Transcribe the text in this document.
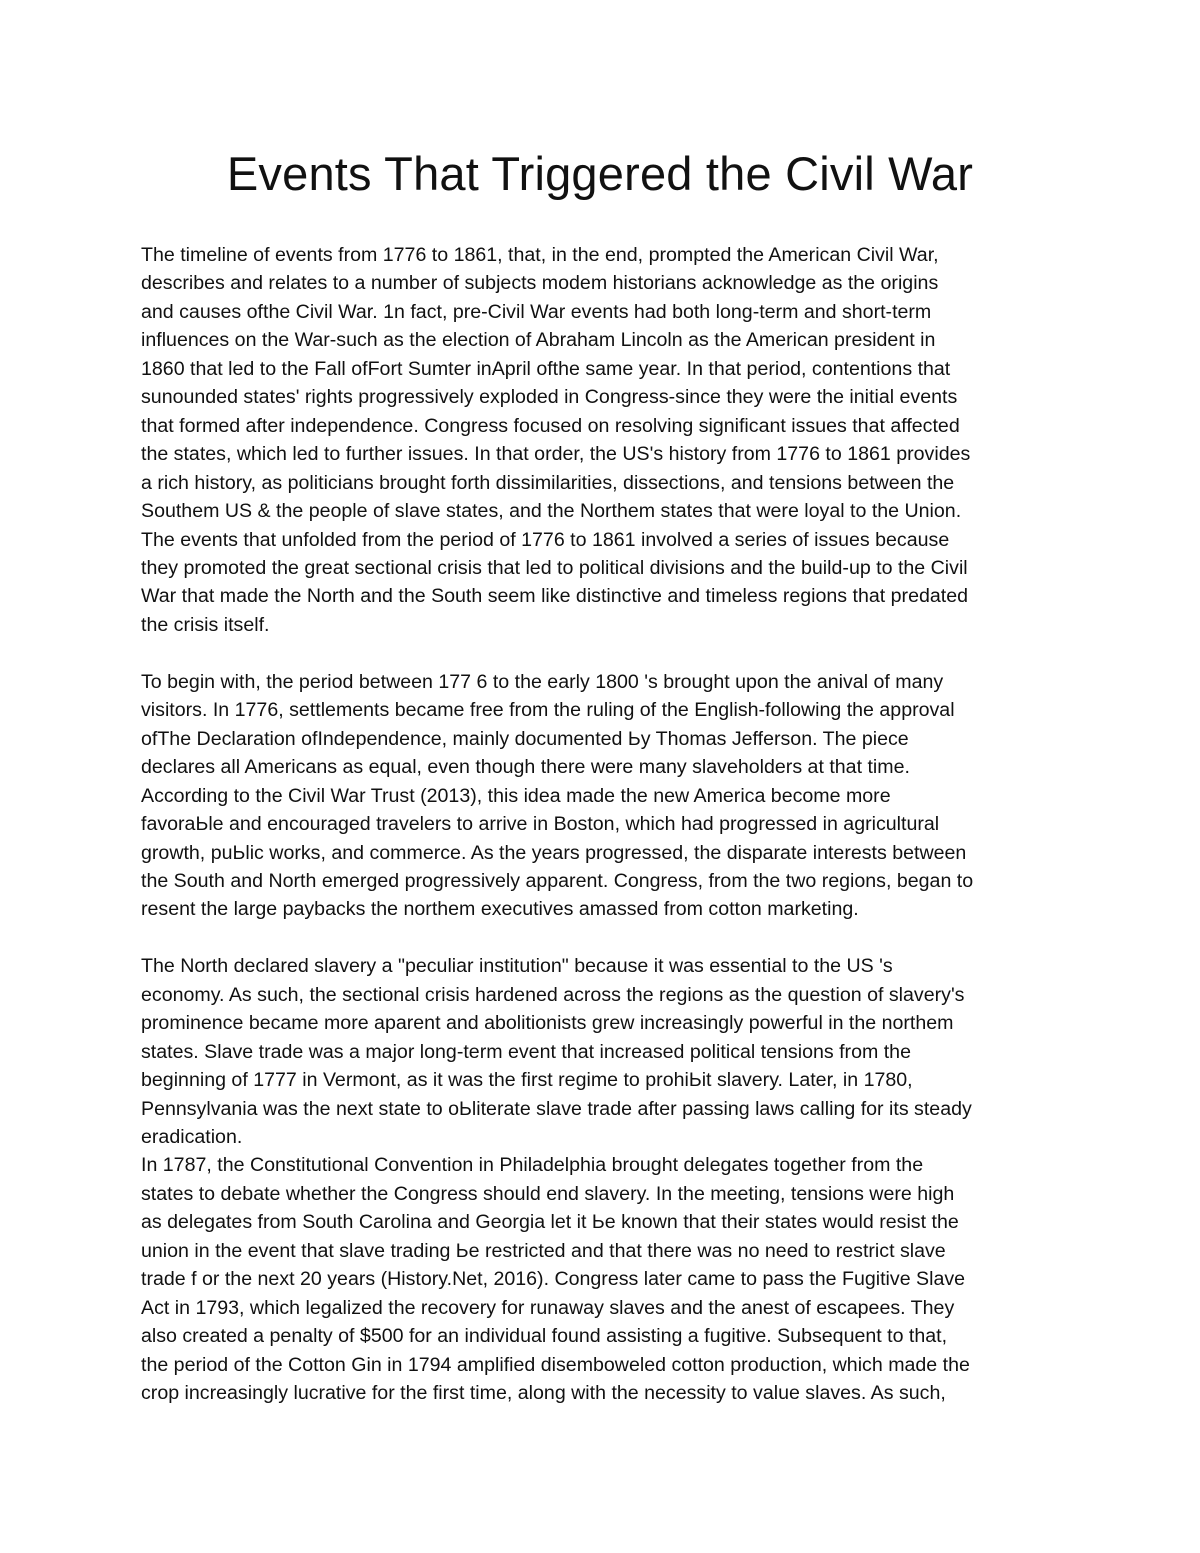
Events That Triggered the Civil War

The timeline of events from 1776 to 1861, that, in the end, prompted the American Civil War,
describes and relates to a number of subjects modem historians acknowledge as the origins
and causes ofthe Civil War. 1n fact, pre-Civil War events had both long-term and short-term
influences on the War-such as the election of Abraham Lincoln as the American president in
1860 that led to the Fall ofFort Sumter inApril ofthe same year. In that period, contentions that
sunounded states' rights progressively exploded in Congress-since they were the initial events
that formed after independence. Congress focused on resolving significant issues that affected
the states, which led to further issues. In that order, the US's history from 1776 to 1861 provides
a rich history, as politicians brought forth dissimilarities, dissections, and tensions between the
Southem US & the people of slave states, and the Northem states that were loyal to the Union.
The events that unfolded from the period of 1776 to 1861 involved a series of issues because
they promoted the great sectional crisis that led to political divisions and the build-up to the Civil
War that made the North and the South seem like distinctive and timeless regions that predated
the crisis itself.

To begin with, the period between 177 6 to the early 1800 's brought upon the anival of many
visitors. In 1776, settlements became free from the ruling of the English-following the approval
ofThe Declaration ofIndependence, mainly documented Ьy Thomas Jefferson. The piece
declares all Americans as equal, even though there were many slaveholders at that time.
According to the Civil War Trust (2013), this idea made the new America become more
favoraЬle and encouraged travelers to arrive in Boston, which had progressed in agricultural
growth, puЬlic works, and commerce. As the years progressed, the disparate interests between
the South and North emerged progressively apparent. Congress, from the two regions, began to
resent the large paybacks the northem executives amassed from cotton marketing.

The North declared slavery a "peculiar institution" because it was essential to the US 's
economy. As such, the sectional crisis hardened across the regions as the question of slavery's
prominence became more aparent and abolitionists grew increasingly powerful in the northem
states. Slave trade was a major long-term event that increased political tensions from the
beginning of 1777 in Vermont, as it was the first regime to prohiЬit slavery. Later, in 1780,
Pennsylvania was the next state to oЬliterate slave trade after passing laws calling for its steady
eradication.

In 1787, the Constitutional Convention in Philadelphia brought delegates together from the
states to debate whether the Congress should end slavery. In the meeting, tensions were high
as delegates from South Carolina and Georgia let it Ьe known that their states would resist the
union in the event that slave trading Ьe restricted and that there was no need to restrict slave
trade f or the next 20 years (History.Net, 2016). Congress later came to pass the Fugitive Slave
Act in 1793, which legalized the recovery for runaway slaves and the anest of escapees. They
also created a penalty of $500 for an individual found assisting a fugitive. Subsequent to that,
the period of the Cotton Gin in 1794 amplified disemboweled cotton production, which made the
crop increasingly lucrative for the first time, along with the necessity to value slaves. As such,
